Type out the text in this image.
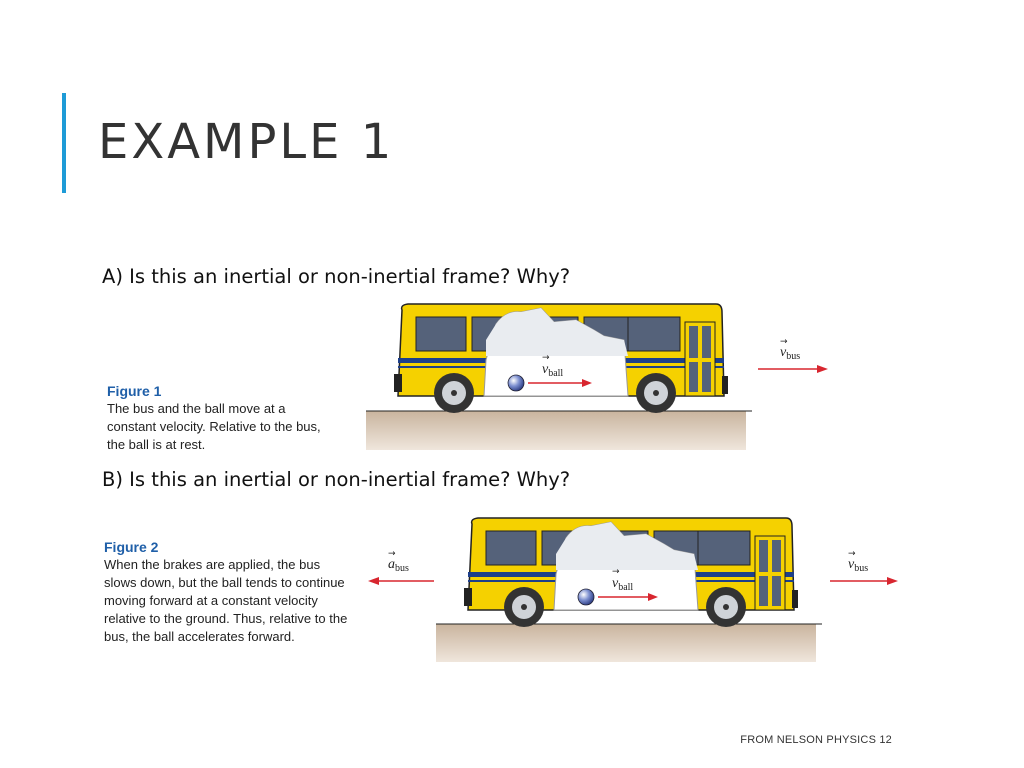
EXAMPLE 1
A) Is this an inertial or non-inertial frame? Why?
Figure 1
The bus and the ball move at a constant velocity. Relative to the bus, the ball is at rest.
$v_{ball}$
→	$v_{bus}$
→
B) Is this an inertial or non-inertial frame? Why?
Figure 2
When the brakes are applied, the bus slows down, but the ball tends to continue moving forward at a constant velocity relative to the ground. Thus, relative to the bus, the ball accelerates forward.
$a_{bus}$
→
$v_{ball}$
→	$v_{bus}$
→
FROM NELSON PHYSICS 12
